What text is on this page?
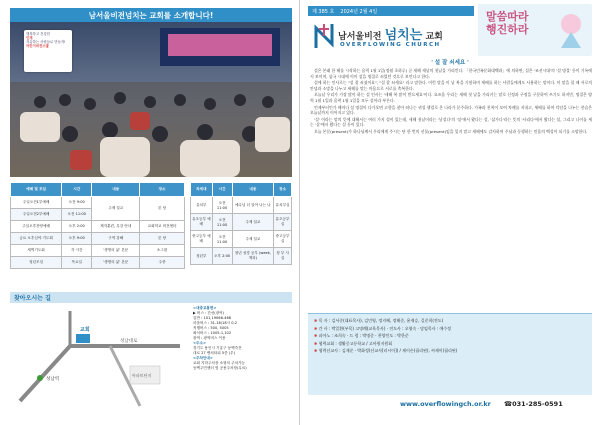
남서울비전넘치는 교회를 소개합니다!
행복하고 건강한
인재
자유하는 사람들로 만들자!
어린이비전스쿨
예배 및 모임	시간	내용	장소
주일오전1부예배	오전 9:00	주제 설교	본 당
주일오전2부예배	오전 11:00		
주일오후찬양예배	오후 2:00	제자훈련, 특강 안내	교회학교 비전센터
금요 오후심야 기도회	오후 9:00	구역 강해	본 당
새벽기도회	각 시간	'생명의 삶' 본문	소그룹
청년모임	목요일	'생명의 삶' 본문	주중
차세대	시간	내용	장소
유치부	오전 11:00	예수님 더 알아 나는 나	유치부실
유초등부 예배	오전 11:00	주제 설교	유초등부실
중고등부 예배	오전 11:00	주제 설교	중고등부실
청년부	오후 2:00	청년 성경 공부 (week,책과)	청 부 사실
찾아오시는 길
교회
성남역
성남대로
아파트단지
<대중교통편>
▶ 버스 : 간선(광역)
일반 : 101,19066-468
마을버스 : 31-18/18시 0-2
직행버스 : 500, 5005
좌석버스 : 1005-1,102
광역 : 광역버스 이용
<주소>
경기도 용인시 기흥구 동백죽전
대로 27 벤처타워 5층 (우)
<주차안내>
교회 지하주차장 소형차 주차가능
동백주민센터 옆 공용주차장(무료)
제 385 호 2024년 2월 4일
남서울비전 넘치는 교회
OVERFLOWING CHURCH
말씀따라
행진하라
' 설 잘 쇠세요 '

설은 본래 한 해를 시작하는 음력 1월 1일(정월 초하루) 곧 새해 새날의 첫날을 가리킨다. 「한국민족문화대백과」에 의하면, 설은 '조선시대'의 '설 명절' 등이 기록에서 보이며, 삼국 시대에 이미 설을 명절로 쇠었던 것으로 보인다고 한다.

설에 하는 인사로는 "설 잘 쇠셨어요", "설 잘 쇠세요" 라고 말한다. 이런 말을 이 날 복을 기원하며 세배를 하는 사람들에게도 사용하는 말이다. 이 말을 할 때 서로의 안녕과 소망을 나누고 새해를 맞는 마음으로 서로를 축복한다.

오늘날 우리가 가장 많이 하는 설 인사는 '새해 복 많이 받으세요'이다. 요즈음 우리는 새해 첫 날을 가리키는 말로 신정과 구정을 구분하여 쓰기도 하지만, 명절은 양력 1월 1일과 음력 1월 1일을 모두 설이라 부른다.

언제부터인가 해마다 설 명절이 다가오면 고향을 찾아 떠나는 귀성 행렬로 온 나라가 분주하다. 가족과 친척이 모여 차례를 지내고, 세배를 하며 덕담을 나누는 풍습은 오늘날까지 이어지고 있다.

'설' 이라는 말의 뜻에 대해서는 여러 가지 설이 있는데, 새해 첫날이라는 '낯설다'의 '설'에서 왔다는 설, '삼가다'라는 뜻의 '사리다'에서 왔다는 설, 그리고 나이를 세는 '살'에서 왔다는 설 등이 있다.

오늘 본문(present)가 하나님께서 우리에게 주시는 단 한 번의 선물(present)임을 잊지 말고 새해에도 감사하며 주님과 동행하는 믿음의 백성이 되기를 소망한다.

✱ 목 자 : 김서준(대표목사), 김민영, 정지혜, 정해준, 윤재승, 길준희(전도)
✱ 간 사 : 박일환(부목) 고명례(교육목사) · 전도사 : 오영숙 · 담임목사 : 애수정
✱ 피아노 : 조희숙 · 드 럼 : 박명준 · 찬양인도 : 박한준
✱ 협력교회 : 생활중고등학교 / 고아원지원회
✱ 협력선교사 : 김재준 · 박화정(선교사[러시아]) / 제이슨(필리핀), 씨제이(필리핀)
www.overflowingch.or.kr ☎031-285-0591
